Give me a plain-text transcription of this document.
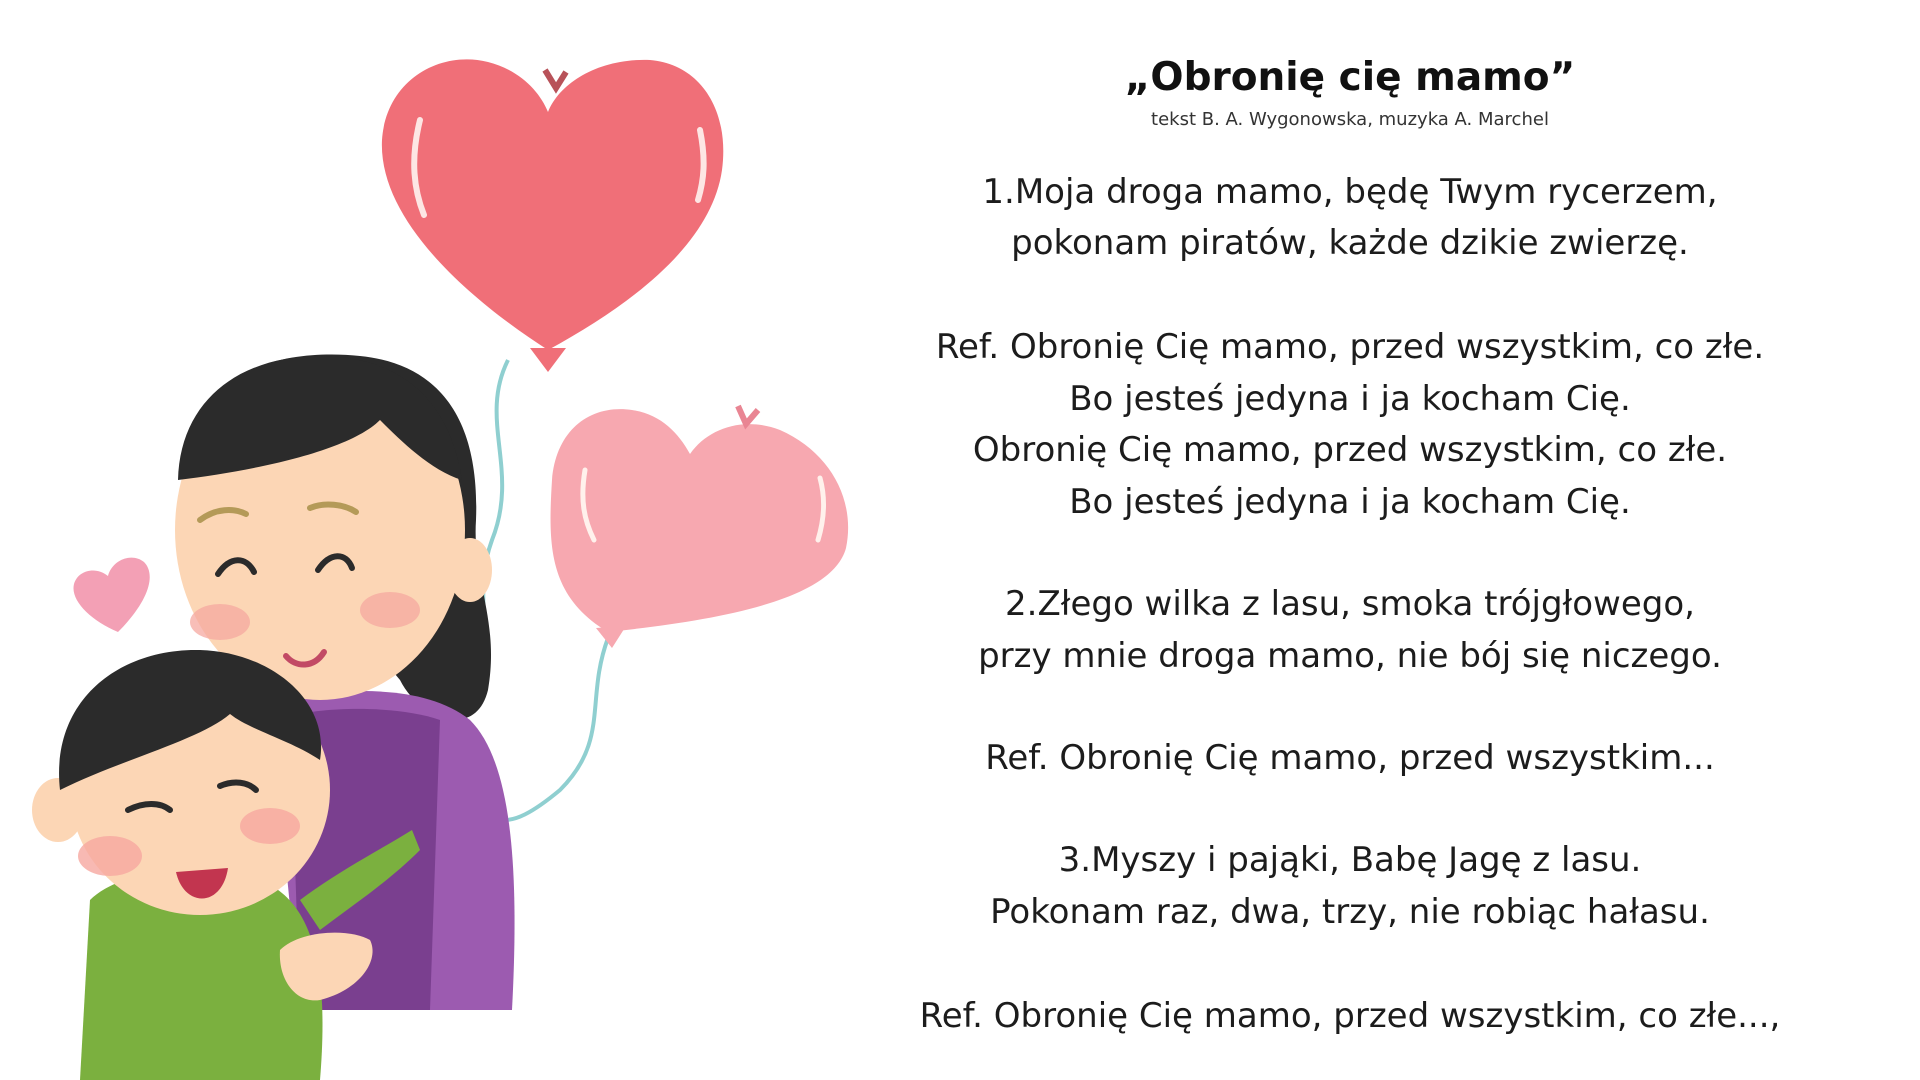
„Obronię cię mamo”
tekst B. A. Wygonowska, muzyka A. Marchel
1.Moja droga mamo, będę Twym rycerzem,
pokonam piratów, każde dzikie zwierzę.
Ref. Obronię Cię mamo, przed wszystkim, co złe.
Bo jesteś jedyna i ja kocham Cię.
Obronię Cię mamo, przed wszystkim, co złe.
Bo jesteś jedyna i ja kocham Cię.
2.Złego wilka z lasu, smoka trójgłowego,
przy mnie droga mamo, nie bój się niczego.
Ref. Obronię Cię mamo, przed wszystkim...
3.Myszy i pająki, Babę Jagę z lasu.
Pokonam raz, dwa, trzy, nie robiąc hałasu.
Ref. Obronię Cię mamo, przed wszystkim, co złe...,
